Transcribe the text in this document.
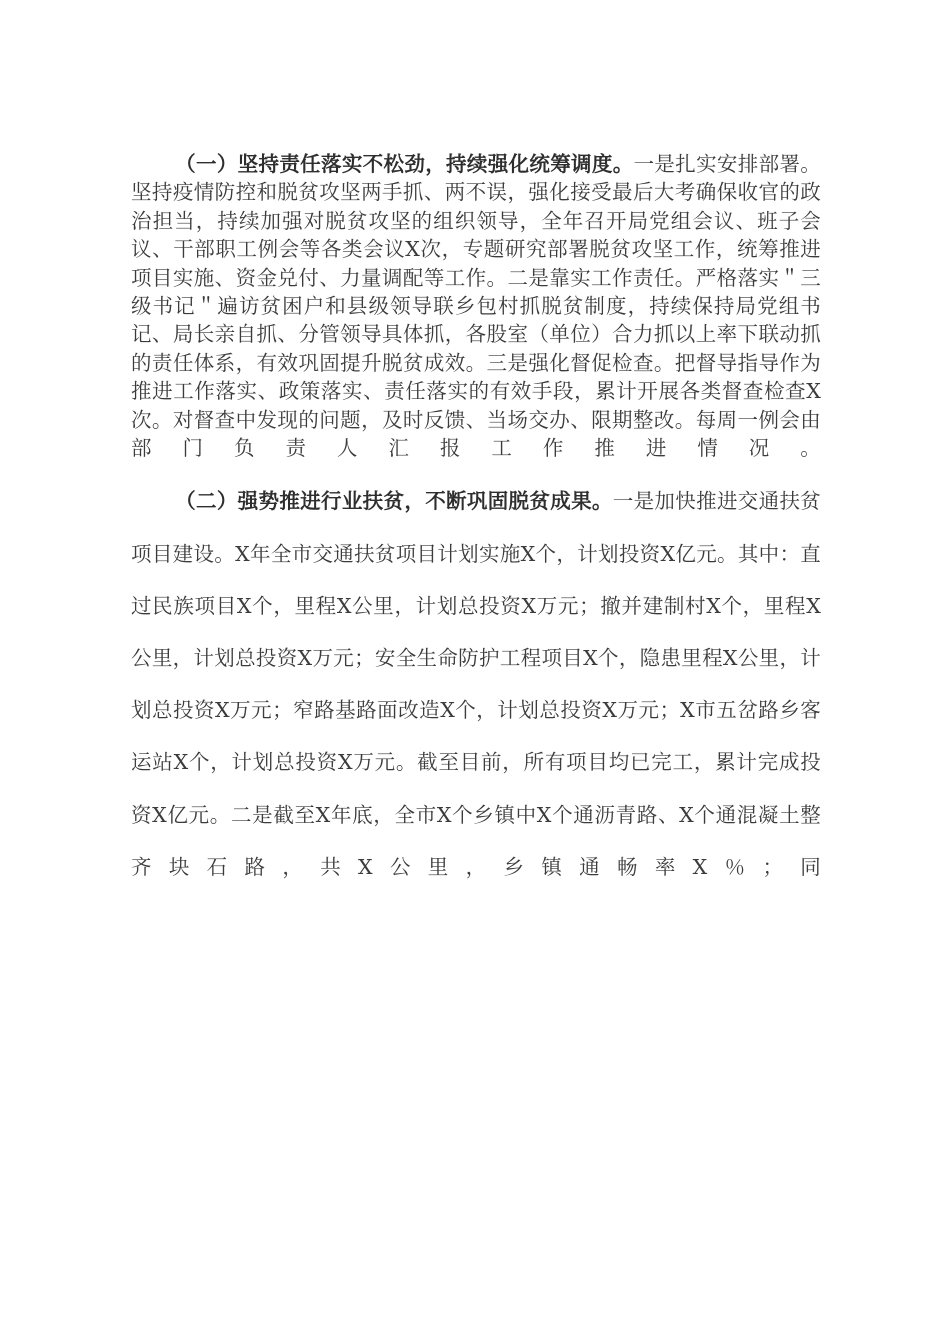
（一）坚持责任落实不松劲，持续强化统筹调度。一是扎实安排部署。坚持疫情防控和脱贫攻坚两手抓、两不误，强化接受最后大考确保收官的政治担当，持续加强对脱贫攻坚的组织领导，全年召开局党组会议、班子会议、干部职工例会等各类会议X次，专题研究部署脱贫攻坚工作，统筹推进项目实施、资金兑付、力量调配等工作。二是靠实工作责任。严格落实＂三级书记＂遍访贫困户和县级领导联乡包村抓脱贫制度，持续保持局党组书记、局长亲自抓、分管领导具体抓，各股室（单位）合力抓以上率下联动抓的责任体系，有效巩固提升脱贫成效。三是强化督促检查。把督导指导作为推进工作落实、政策落实、责任落实的有效手段，累计开展各类督查检查X次。对督查中发现的问题，及时反馈、当场交办、限期整改。每周一例会由部门负责人汇报工作推进情况。

（二）强势推进行业扶贫，不断巩固脱贫成果。一是加快推进交通扶贫项目建设。X年全市交通扶贫项目计划实施X个，计划投资X亿元。其中：直过民族项目X个，里程X公里，计划总投资X万元；撤并建制村X个，里程X公里，计划总投资X万元；安全生命防护工程项目X个，隐患里程X公里，计划总投资X万元；窄路基路面改造X个，计划总投资X万元；X市五岔路乡客运站X个，计划总投资X万元。截至目前，所有项目均已完工，累计完成投资X亿元。二是截至X年底，全市X个乡镇中X个通沥青路、X个通混凝土整齐块石路，共X公里，乡镇通畅率X％；同
